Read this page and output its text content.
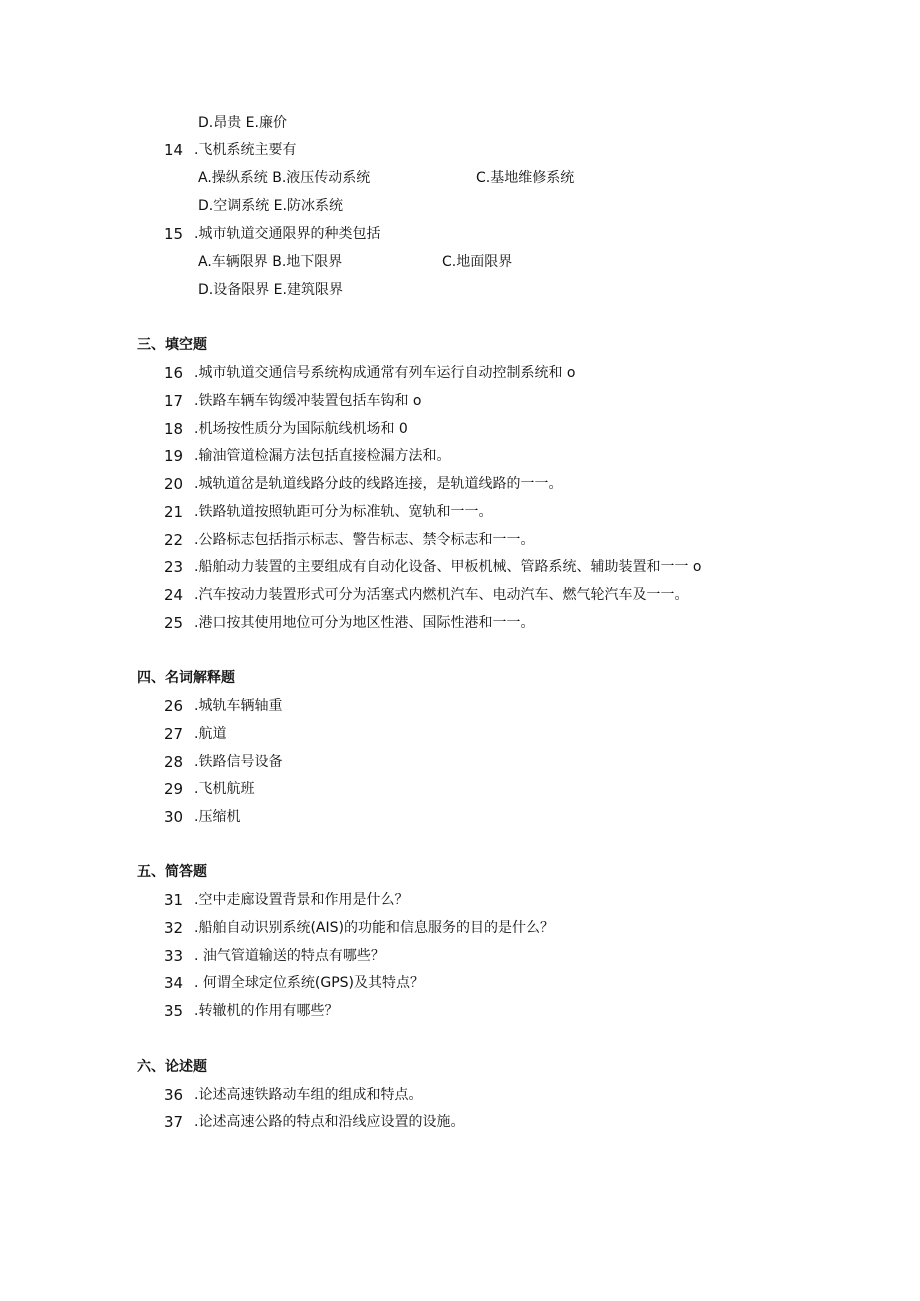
D.昂贵 E.廉价
14 .飞机系统主要有
A.操纵系统 B.液压传动系统	C.基地维修系统
D.空调系统 E.防冰系统
15 .城市轨道交通限界的种类包括
A.车辆限界 B.地下限界	C.地面限界
D.设备限界 E.建筑限界
三、填空题
16 .城市轨道交通信号系统构成通常有列车运行自动控制系统和 o
17 .铁路车辆车钩缓冲装置包括车钩和 o
18 .机场按性质分为国际航线机场和 0
19 .输油管道检漏方法包括直接检漏方法和。
20 .城轨道岔是轨道线路分歧的线路连接，是轨道线路的一一。
21 .铁路轨道按照轨距可分为标准轨、宽轨和一一。
22 .公路标志包括指示标志、警告标志、禁令标志和一一。
23 .船舶动力装置的主要组成有自动化设备、甲板机械、管路系统、辅助装置和一一 o
24 .汽车按动力装置形式可分为活塞式内燃机汽车、电动汽车、燃气轮汽车及一一。
25 .港口按其使用地位可分为地区性港、国际性港和一一。
四、名词解释题
26 .城轨车辆轴重
27 .航道
28 .铁路信号设备
29 .飞机航班
30 .压缩机
五、简答题
31 .空中走廊设置背景和作用是什么？
32 .船舶自动识别系统(AIS)的功能和信息服务的目的是什么？
33 . 油气管道输送的特点有哪些？
34 . 何谓全球定位系统(GPS)及其特点？
35 .转辙机的作用有哪些？
六、论述题
36 .论述高速铁路动车组的组成和特点。
37 .论述高速公路的特点和沿线应设置的设施。
